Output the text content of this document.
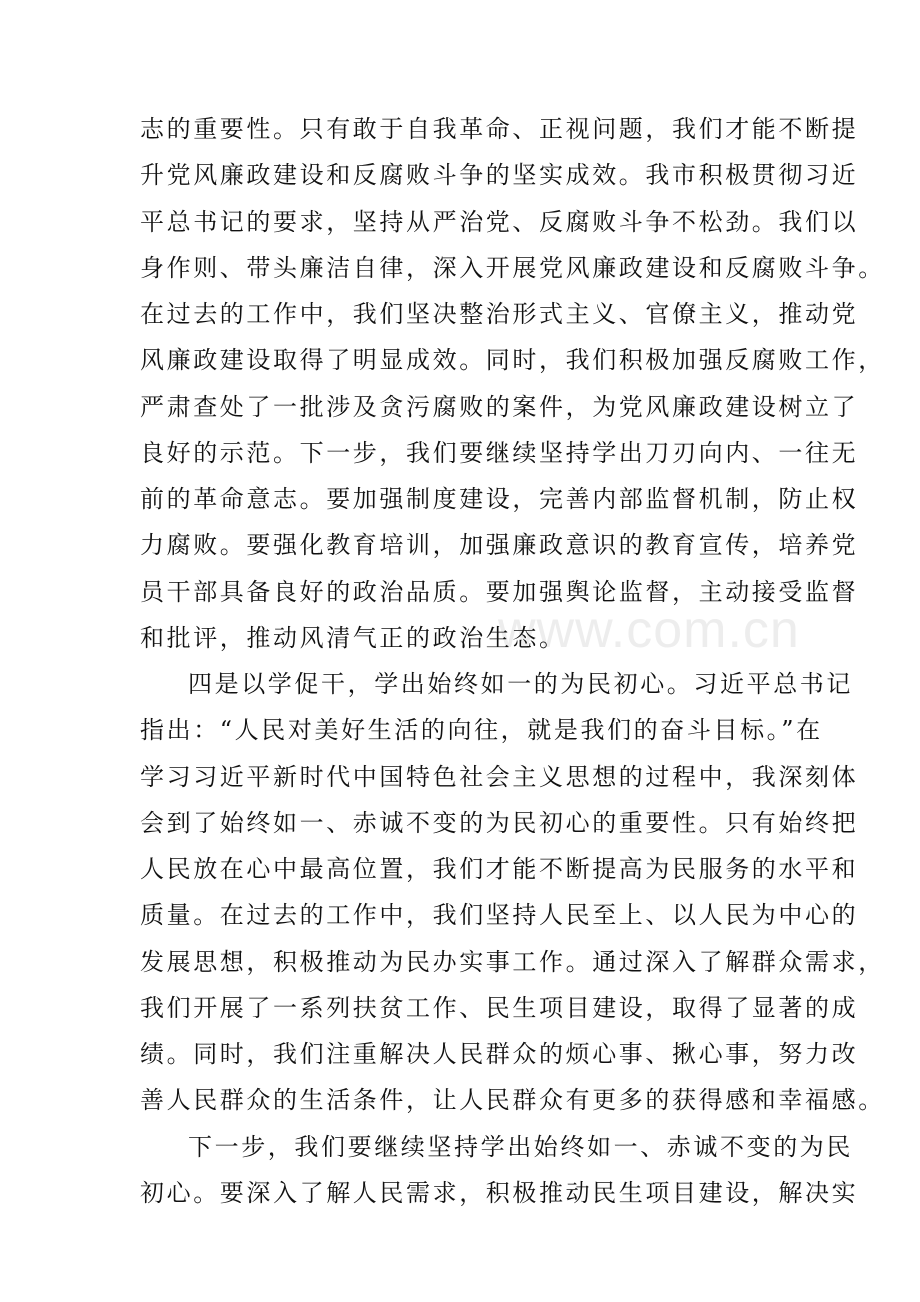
www.com.cn
志的重要性。只有敢于自我革命、正视问题，我们才能不断提
升党风廉政建设和反腐败斗争的坚实成效。我市积极贯彻习近
平总书记的要求，坚持从严治党、反腐败斗争不松劲。我们以
身作则、带头廉洁自律，深入开展党风廉政建设和反腐败斗争。
在过去的工作中，我们坚决整治形式主义、官僚主义，推动党
风廉政建设取得了明显成效。同时，我们积极加强反腐败工作，
严肃查处了一批涉及贪污腐败的案件，为党风廉政建设树立了
良好的示范。下一步，我们要继续坚持学出刀刃向内、一往无
前的革命意志。要加强制度建设，完善内部监督机制，防止权
力腐败。要强化教育培训，加强廉政意识的教育宣传，培养党
员干部具备良好的政治品质。要加强舆论监督，主动接受监督
和批评，推动风清气正的政治生态。
四是以学促干，学出始终如一的为民初心。习近平总书记
指出：“人民对美好生活的向往，就是我们的奋斗目标。”在
学习习近平新时代中国特色社会主义思想的过程中，我深刻体
会到了始终如一、赤诚不变的为民初心的重要性。只有始终把
人民放在心中最高位置，我们才能不断提高为民服务的水平和
质量。在过去的工作中，我们坚持人民至上、以人民为中心的
发展思想，积极推动为民办实事工作。通过深入了解群众需求，
我们开展了一系列扶贫工作、民生项目建设，取得了显著的成
绩。同时，我们注重解决人民群众的烦心事、揪心事，努力改
善人民群众的生活条件，让人民群众有更多的获得感和幸福感。
下一步，我们要继续坚持学出始终如一、赤诚不变的为民
初心。要深入了解人民需求，积极推动民生项目建设，解决实
